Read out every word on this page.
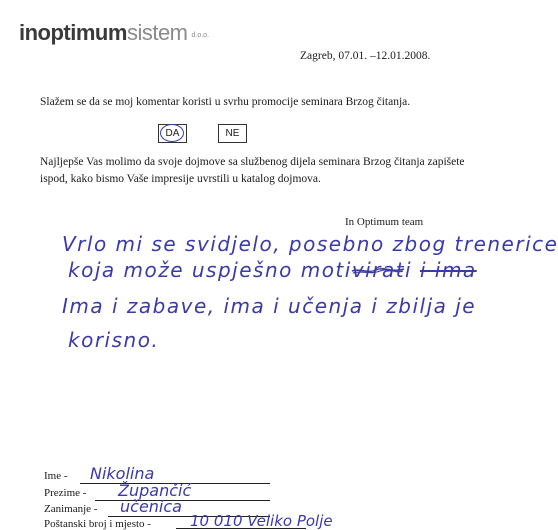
inoptimumsistem d.o.o.
Zagreb, 07.01. –12.01.2008.
Slažem se da se moj komentar koristi u svrhu promocije seminara Brzog čitanja.
DA	NE
Najljepše Vas molimo da svoje dojmove sa službenog dijela seminara Brzog čitanja zapišete ispod, kako bismo Vaše impresije uvrstili u katalog dojmova.
In Optimum team
Vrlo mi se svidjelo, posebno zbog trenerice
koja može uspješno motivirati i ima
Ima i zabave, ima i učenja i zbilja je
korisno.
Ime - Nikolina
Prezime - Župančić
Zanimanje - učenica
Poštanski broj i mjesto -	10 010 Veliko Polje
